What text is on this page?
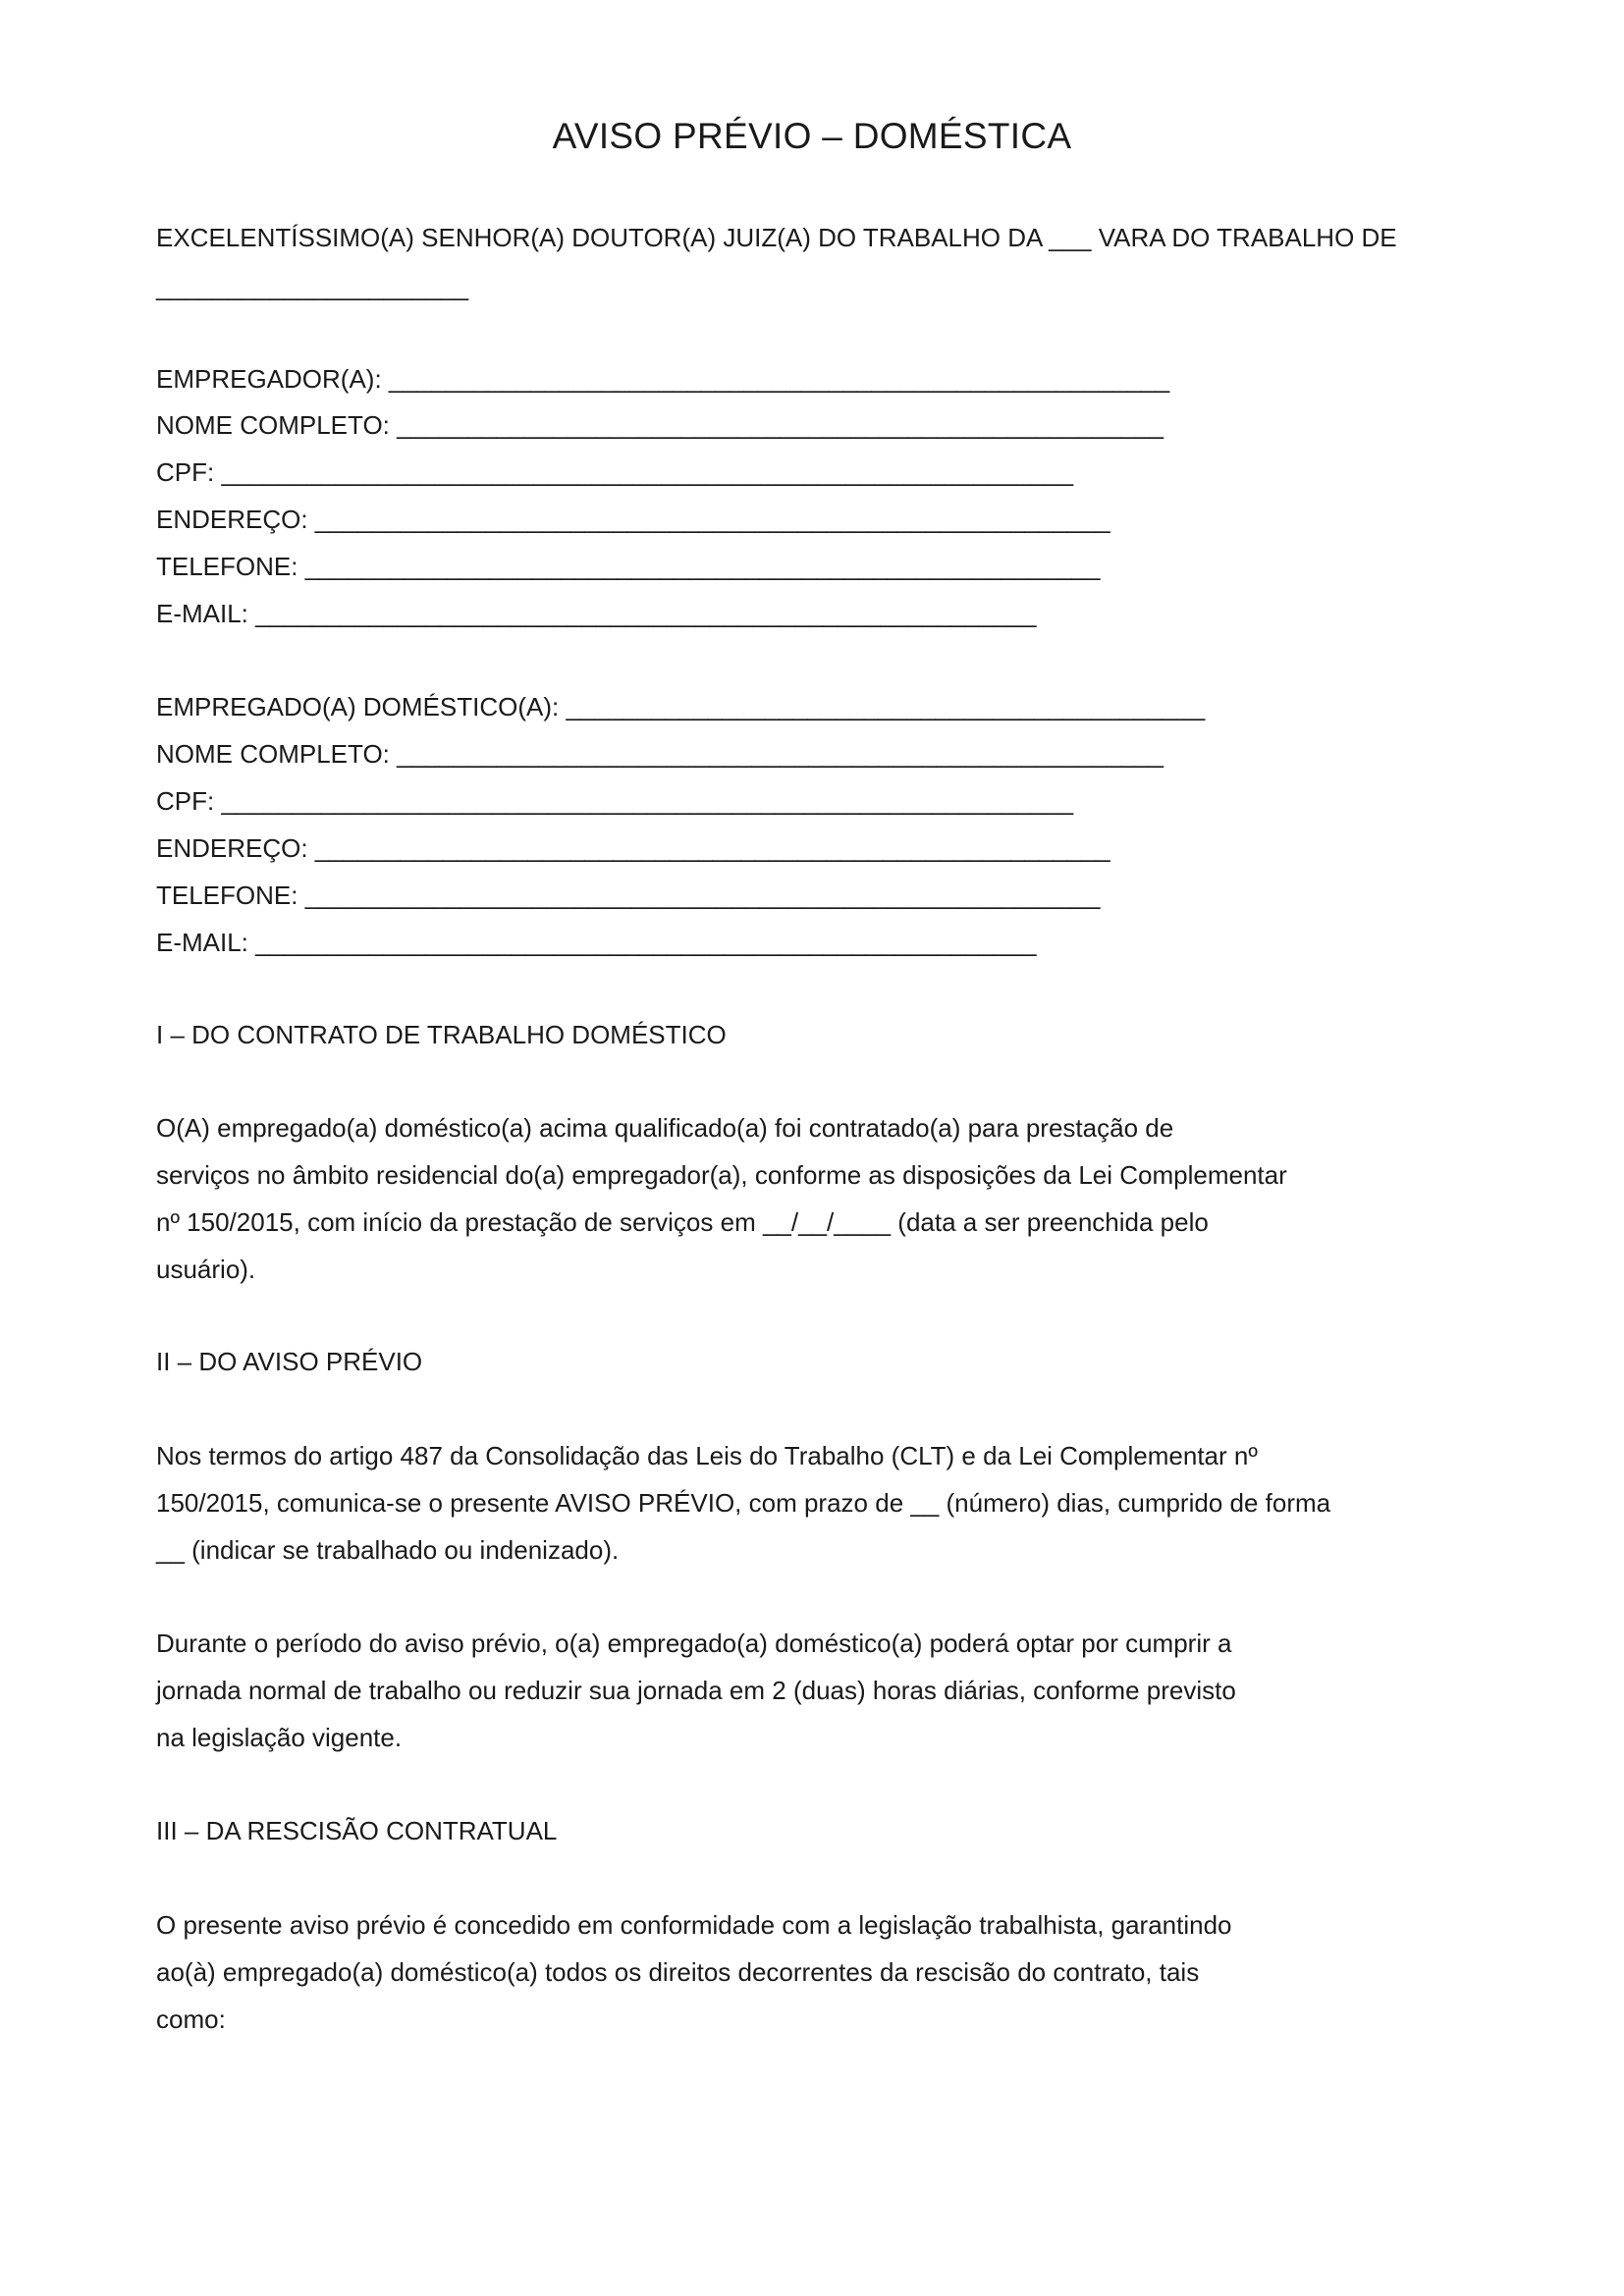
AVISO PRÉVIO – DOMÉSTICA
EXCELENTÍSSIMO(A) SENHOR(A) DOUTOR(A) JUIZ(A) DO TRABALHO DA ___ VARA DO TRABALHO DE
______________________
EMPREGADOR(A): _______________________________________________________
NOME COMPLETO: ______________________________________________________
CPF: ____________________________________________________________
ENDEREÇO: ________________________________________________________
TELEFONE: ________________________________________________________
E-MAIL: _______________________________________________________
EMPREGADO(A) DOMÉSTICO(A): _____________________________________________
NOME COMPLETO: ______________________________________________________
CPF: ____________________________________________________________
ENDEREÇO: ________________________________________________________
TELEFONE: ________________________________________________________
E-MAIL: _______________________________________________________
I – DO CONTRATO DE TRABALHO DOMÉSTICO
O(A) empregado(a) doméstico(a) acima qualificado(a) foi contratado(a) para prestação de
serviços no âmbito residencial do(a) empregador(a), conforme as disposições da Lei Complementar
nº 150/2015, com início da prestação de serviços em __/__/____ (data a ser preenchida pelo
usuário).
II – DO AVISO PRÉVIO
Nos termos do artigo 487 da Consolidação das Leis do Trabalho (CLT) e da Lei Complementar nº
150/2015, comunica-se o presente AVISO PRÉVIO, com prazo de __ (número) dias, cumprido de forma
__ (indicar se trabalhado ou indenizado).
Durante o período do aviso prévio, o(a) empregado(a) doméstico(a) poderá optar por cumprir a
jornada normal de trabalho ou reduzir sua jornada em 2 (duas) horas diárias, conforme previsto
na legislação vigente.
III – DA RESCISÃO CONTRATUAL
O presente aviso prévio é concedido em conformidade com a legislação trabalhista, garantindo
ao(à) empregado(a) doméstico(a) todos os direitos decorrentes da rescisão do contrato, tais
como:
